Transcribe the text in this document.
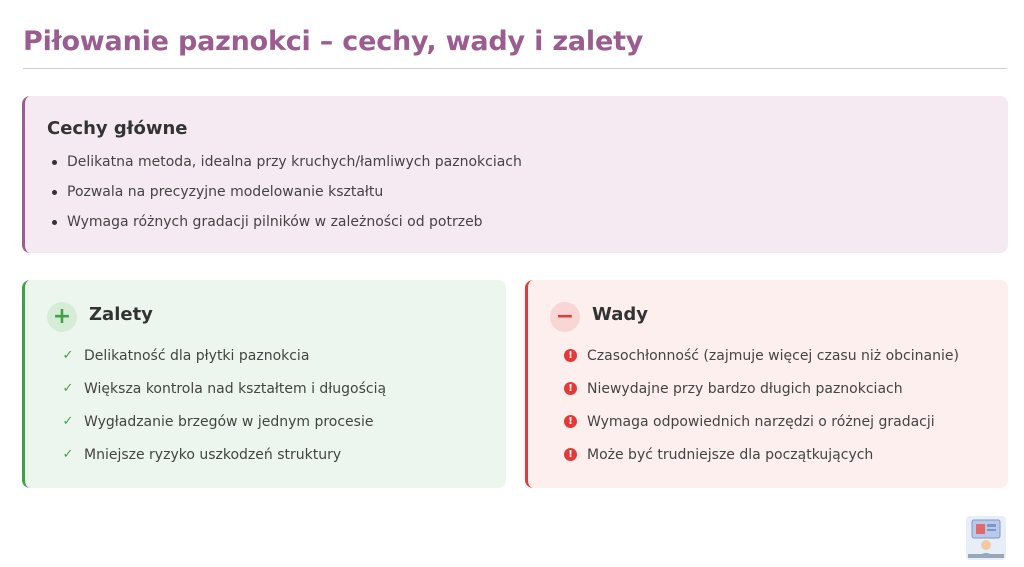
Piłowanie paznokci – cechy, wady i zalety
Cechy główne
Delikatna metoda, idealna przy kruchych/łamliwych paznokciach
Pozwala na precyzyjne modelowanie kształtu
Wymaga różnych gradacji pilników w zależności od potrzeb
+ Zalety
✓ Delikatność dla płytki paznokcia
✓ Większa kontrola nad kształtem i długością
✓ Wygładzanie brzegów w jednym procesie
✓ Mniejsze ryzyko uszkodzeń struktury
− Wady
!	Czasochłonność (zajmuje więcej czasu niż obcinanie)
!	Niewydajne przy bardzo długich paznokciach
!	Wymaga odpowiednich narzędzi o różnej gradacji
!	Może być trudniejsze dla początkujących
